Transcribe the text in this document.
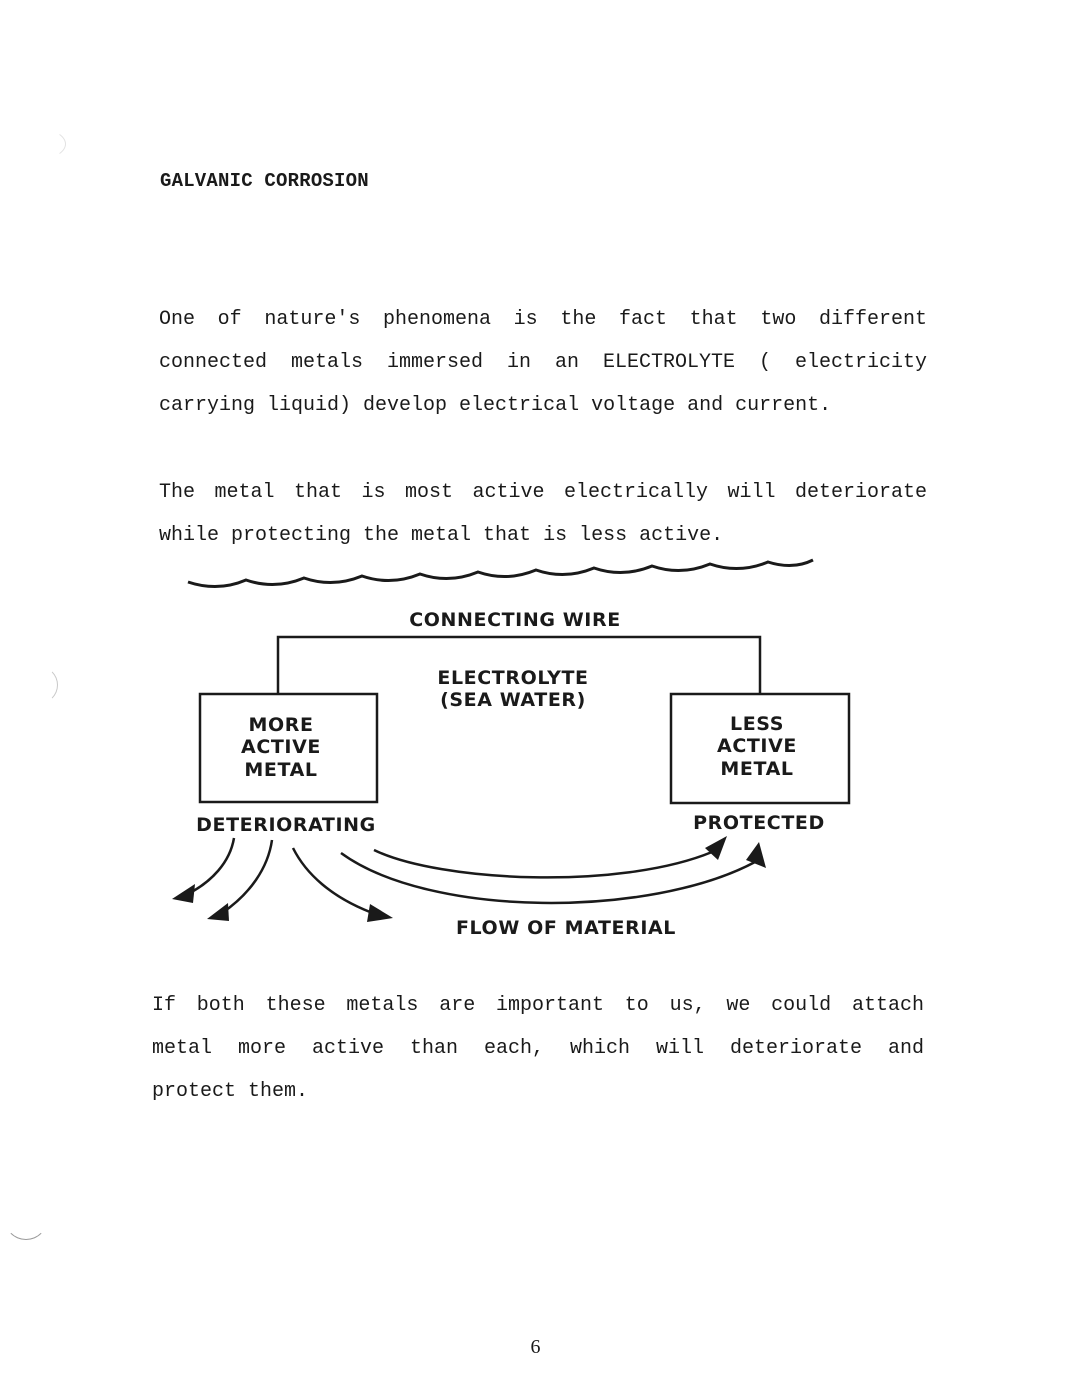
GALVANIC CORROSION
One of nature's phenomena is the fact that two different
connected metals immersed in an ELECTROLYTE ( electricity
carrying liquid) develop electrical voltage and current.
The metal that is most active electrically will deteriorate
while protecting the metal that is less active.
CONNECTING WIRE
ELECTROLYTE
(SEA WATER)
MORE
ACTIVE
METAL
LESS
ACTIVE
METAL
DETERIORATING	PROTECTED
FLOW OF MATERIAL
If both these metals are important to us, we could attach
metal more active than each, which will deteriorate and
protect them.
6
